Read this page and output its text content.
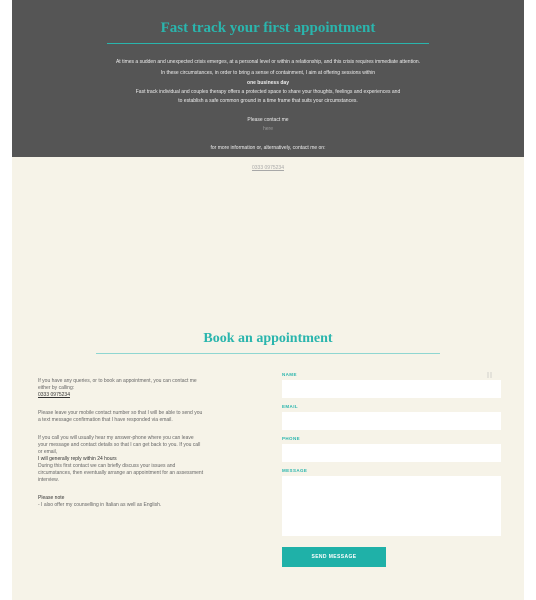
Fast track your first appointment
At times a sudden and unexpected crisis emerges, at a personal level or within a relationship, and this crisis requires immediate attention.
In these circumstances, in order to bring a sense of containment, I aim at offering sessions within
one business day
Fast track individual and couples therapy offers a protected space to share your thoughts, feelings and experiences and
to establish a safe common ground in a time frame that suits your circumstances.
Please contact me
here
for more information or, alternatively, contact me on:
0333 0975234
Book an appointment

If you have any queries, or to book an appointment, you can contact me

either by calling:

0333 0975234

Please leave your mobile contact number so that I will be able to send you

a text message confirmation that I have responded via email.

If you call you will usually hear my answer-phone where you can leave

your message and contact details so that I can get back to you. If you call

or email,

I will generally reply within 24 hours

During this first contact we can briefly discuss your issues and

circumstances, then eventually arrange an appointment for an assessment

interview.

Please note

- I also offer my counselling in Italian as well as English.

NAME
EMAIL
PHONE
MESSAGE
SEND MESSAGE
